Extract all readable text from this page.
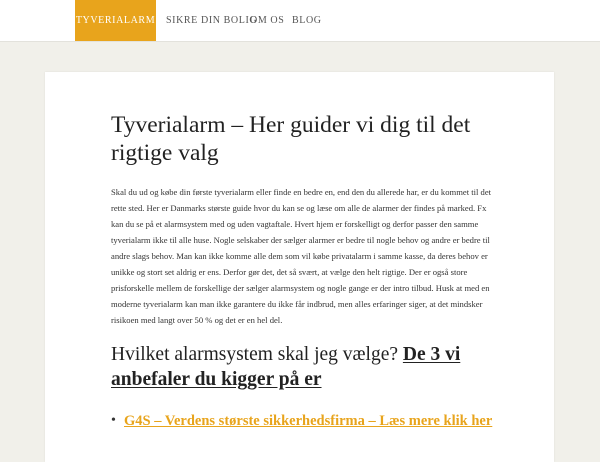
TYVERIALARM SIKRE DIN BOLIG
OM OS BLOG
Tyverialarm – Her guider vi dig til det rigtige valg

Skal du ud og købe din første tyverialarm eller finde en bedre en, end den du allerede har, er du kommet til det rette sted. Her er Danmarks største guide hvor du kan se og læse om alle de alarmer der findes på marked. Fx kan du se på et alarmsystem med og uden vagtaftale. Hvert hjem er forskelligt og derfor passer den samme tyverialarm ikke til alle huse. Nogle selskaber der sælger alarmer er bedre til nogle behov og andre er bedre til andre slags behov. Man kan ikke komme alle dem som vil købe privatalarm i samme kasse, da deres behov er unikke og stort set aldrig er ens. Derfor gør det, det så svært, at vælge den helt rigtige. Der er også store prisforskelle mellem de forskellige der sælger alarmsystem og nogle gange er der intro tilbud. Husk at med en moderne tyverialarm kan man ikke garantere du ikke får indbrud, men alles erfaringer siger, at det mindsker risikoen med langt over 50 % og det er en hel del.

Hvilket alarmsystem skal jeg vælge? De 3 vi anbefaler du kigger på er
• G4S – Verdens største sikkerhedsfirma – Læs mere klik her
